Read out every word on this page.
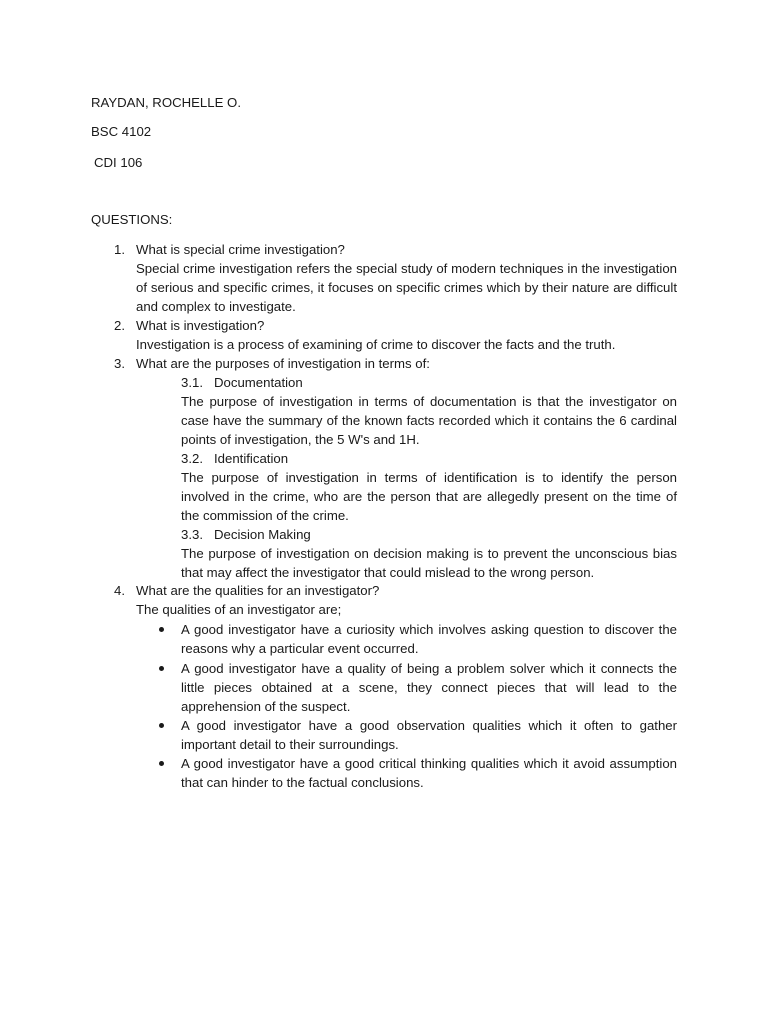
RAYDAN, ROCHELLE O.
BSC 4102
CDI 106
QUESTIONS:
1. What is special crime investigation?
Special crime investigation refers the special study of modern techniques in the investigation of serious and specific crimes, it focuses on specific crimes which by their nature are difficult and complex to investigate.
2. What is investigation?
Investigation is a process of examining of crime to discover the facts and the truth.
3. What are the purposes of investigation in terms of:
3.1. Documentation
The purpose of investigation in terms of documentation is that the investigator on case have the summary of the known facts recorded which it contains the 6 cardinal points of investigation, the 5 W's and 1H.
3.2. Identification
The purpose of investigation in terms of identification is to identify the person involved in the crime, who are the person that are allegedly present on the time of the commission of the crime.
3.3. Decision Making
The purpose of investigation on decision making is to prevent the unconscious bias that may affect the investigator that could mislead to the wrong person.
4. What are the qualities for an investigator?
The qualities of an investigator are;
A good investigator have a curiosity which involves asking question to discover the reasons why a particular event occurred.
A good investigator have a quality of being a problem solver which it connects the little pieces obtained at a scene, they connect pieces that will lead to the apprehension of the suspect.
A good investigator have a good observation qualities which it often to gather important detail to their surroundings.
A good investigator have a good critical thinking qualities which it avoid assumption that can hinder to the factual conclusions.
